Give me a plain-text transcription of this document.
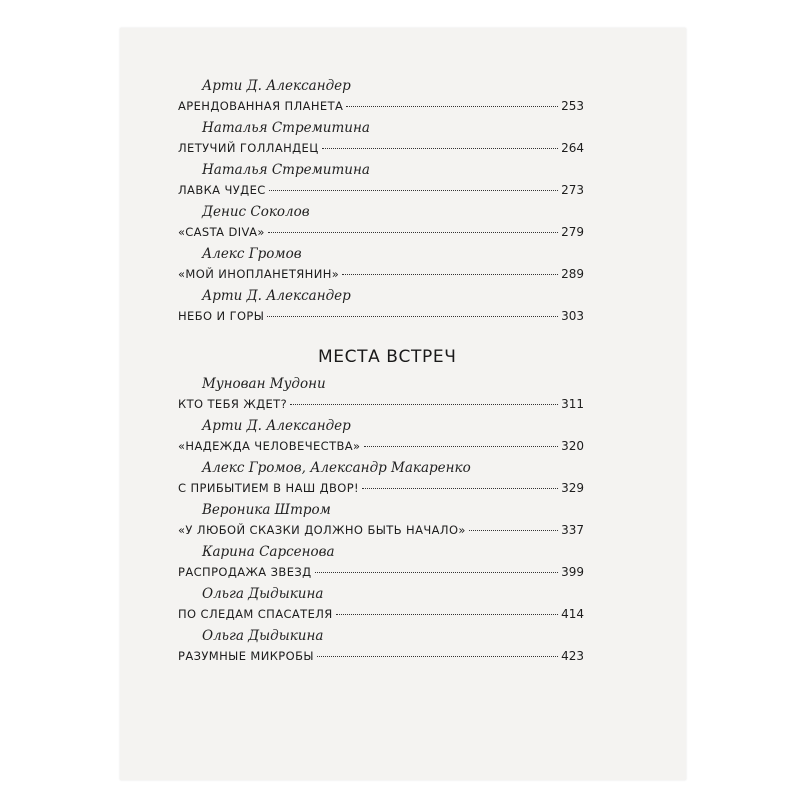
Арти Д. Александер
АРЕНДОВАННАЯ ПЛАНЕТА	253
Наталья Стремитина
ЛЕТУЧИЙ ГОЛЛАНДЕЦ	264
Наталья Стремитина
ЛАВКА ЧУДЕС	273
Денис Соколов
«CASTA DIVA»	279
Алекс Громов
«МОЙ ИНОПЛАНЕТЯНИН»	289
Арти Д. Александер
НЕБО И ГОРЫ	303
МЕСТА ВСТРЕЧ
Мунован Мудони
КТО ТЕБЯ ЖДЕТ?	311
Арти Д. Александер
«НАДЕЖДА ЧЕЛОВЕЧЕСТВА»	320
Алекс Громов, Александр Макаренко
С ПРИБЫТИЕМ В НАШ ДВОР!	329
Вероника Штром
«У ЛЮБОЙ СКАЗКИ ДОЛЖНО БЫТЬ НАЧАЛО»	337
Карина Сарсенова
РАСПРОДАЖА ЗВЕЗД	399
Ольга Дыдыкина
ПО СЛЕДАМ СПАСАТЕЛЯ	414
Ольга Дыдыкина
РАЗУМНЫЕ МИКРОБЫ	423
